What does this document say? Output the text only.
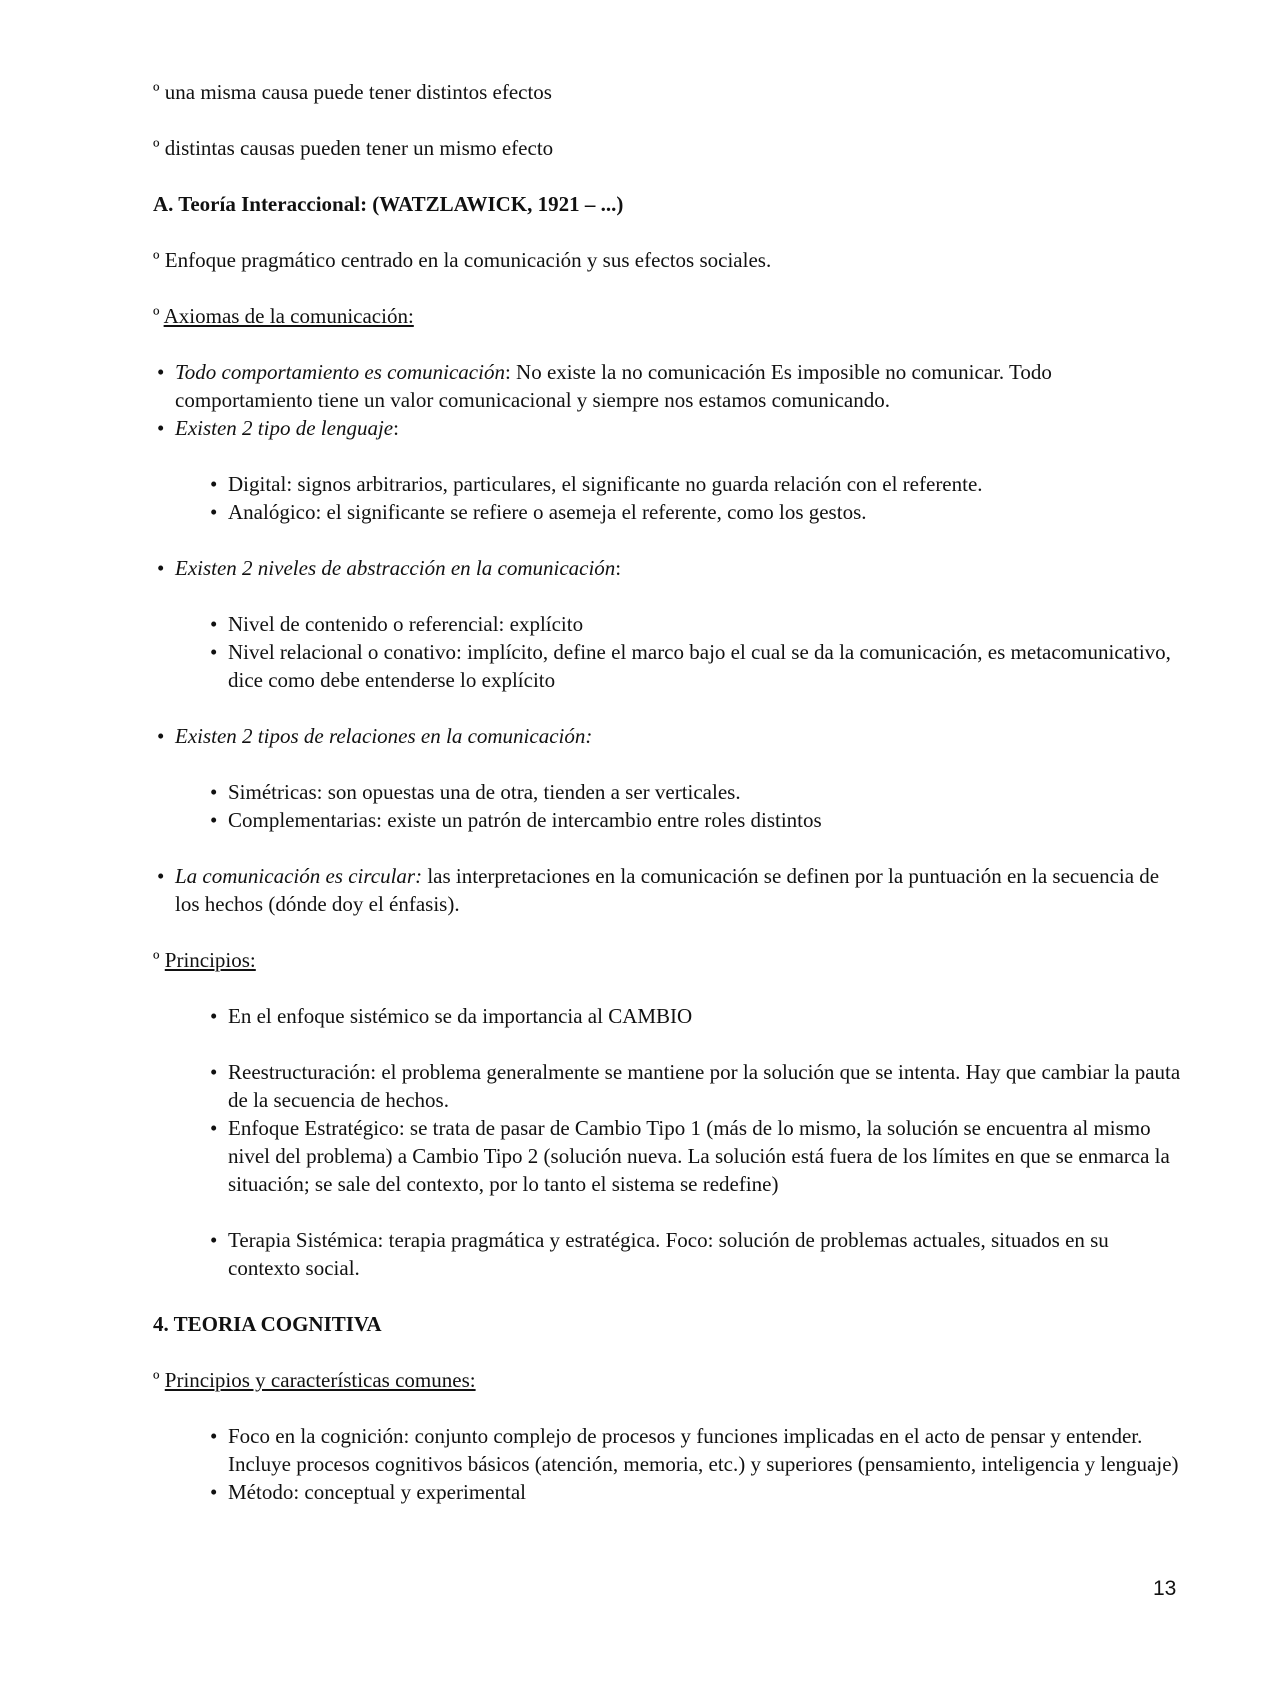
º una misma causa puede tener distintos efectos

º distintas causas pueden tener un mismo efecto

A. Teoría Interaccional: (WATZLAWICK, 1921 – ...)

º Enfoque pragmático centrado en la comunicación y sus efectos sociales.

º Axiomas de la comunicación:

• Todo comportamiento es comunicación: No existe la no comunicación Es imposible no comunicar. Todo comportamiento tiene un valor comunicacional y siempre nos estamos comunicando.

• Existen 2 tipo de lenguaje:

• Digital: signos arbitrarios, particulares, el significante no guarda relación con el referente.

• Analógico: el significante se refiere o asemeja el referente, como los gestos.

• Existen 2 niveles de abstracción en la comunicación:

• Nivel de contenido o referencial: explícito

• Nivel relacional o conativo: implícito, define el marco bajo el cual se da la comunicación, es metacomunicativo, dice como debe entenderse lo explícito

• Existen 2 tipos de relaciones en la comunicación:

• Simétricas: son opuestas una de otra, tienden a ser verticales.

• Complementarias: existe un patrón de intercambio entre roles distintos

• La comunicación es circular: las interpretaciones en la comunicación se definen por la puntuación en la secuencia de los hechos (dónde doy el énfasis).

º Principios:

• En el enfoque sistémico se da importancia al CAMBIO

• Reestructuración: el problema generalmente se mantiene por la solución que se intenta. Hay que cambiar la pauta de la secuencia de hechos.

• Enfoque Estratégico: se trata de pasar de Cambio Tipo 1 (más de lo mismo, la solución se encuentra al mismo nivel del problema) a Cambio Tipo 2 (solución nueva. La solución está fuera de los límites en que se enmarca la situación; se sale del contexto, por lo tanto el sistema se redefine)

• Terapia Sistémica: terapia pragmática y estratégica. Foco: solución de problemas actuales, situados en su contexto social.

4. TEORIA COGNITIVA

º Principios y características comunes:

• Foco en la cognición: conjunto complejo de procesos y funciones implicadas en el acto de pensar y entender. Incluye procesos cognitivos básicos (atención, memoria, etc.) y superiores (pensamiento, inteligencia y lenguaje)

• Método: conceptual y experimental

13
